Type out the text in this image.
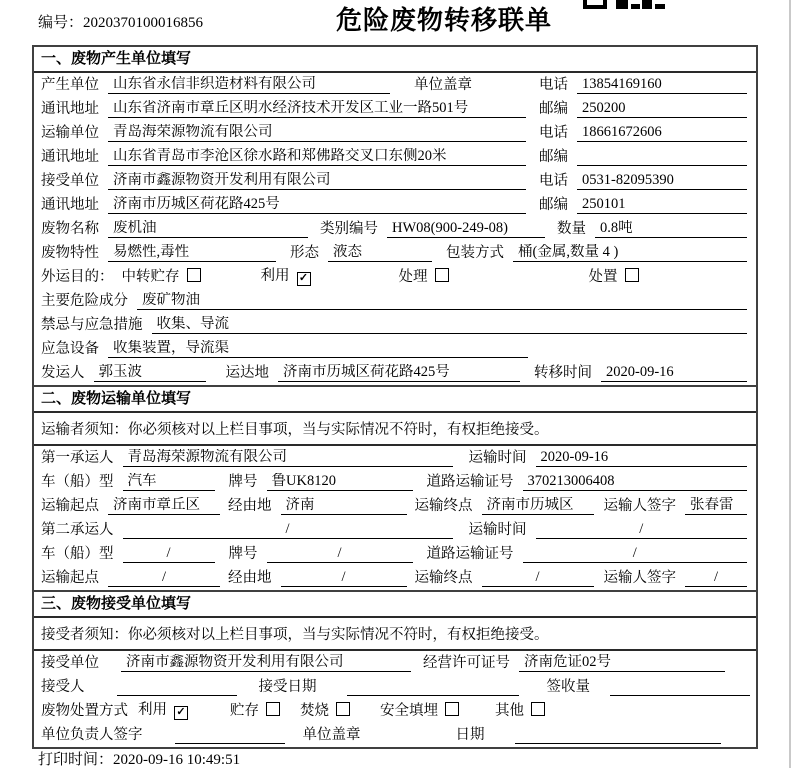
编号：2020370100016856	危险废物转移联单
一、废物产生单位填写
产生单位 山东省永信非织造材料有限公司	单位盖章	电话 13854169160
通讯地址 山东省济南市章丘区明水经济技术开发区工业一路501号	邮编 250200
运输单位 青岛海荣源物流有限公司	电话 18661672606
通讯地址 山东省青岛市李沧区徐水路和郑佛路交叉口东侧20米	邮编
接受单位 济南市鑫源物资开发利用有限公司	电话 0531-82095390
通讯地址 济南市历城区荷花路425号	邮编 250101
废物名称 废机油	类别编号 HW08(900-249-08)	数量 0.8吨
废物特性 易燃性,毒性	形态 液态	包装方式 桶(金属,数量 4 )
外运目的： 中转贮存	利用 ✓	处理	处置
主要危险成分 废矿物油
禁忌与应急措施 收集、导流
应急设备 收集装置，导流渠
发运人 郭玉波	运达地 济南市历城区荷花路425号	转移时间 2020-09-16
二、废物运输单位填写
运输者须知：你必须核对以上栏目事项，当与实际情况不符时，有权拒绝接受。
第一承运人 青岛海荣源物流有限公司	运输时间 2020-09-16
车（船）型 汽车	牌号 鲁UK8120	道路运输证号 370213006408
运输起点 济南市章丘区	经由地 济南	运输终点 济南市历城区	运输人签字 张春雷
第二承运人	/	运输时间	/
车（船）型	/	牌号	/	道路运输证号	/
运输起点	/	经由地	/	运输终点	/	运输人签字	/
三、废物接受单位填写
接受者须知：你必须核对以上栏目事项，当与实际情况不符时，有权拒绝接受。
接受单位	济南市鑫源物资开发利用有限公司	经营许可证号 济南危证02号
接受人	接受日期	签收量
废物处置方式 利用 ✓	贮存	焚烧	安全填埋	其他
单位负责人签字	单位盖章	日期
打印时间：2020-09-16 10:49:51
